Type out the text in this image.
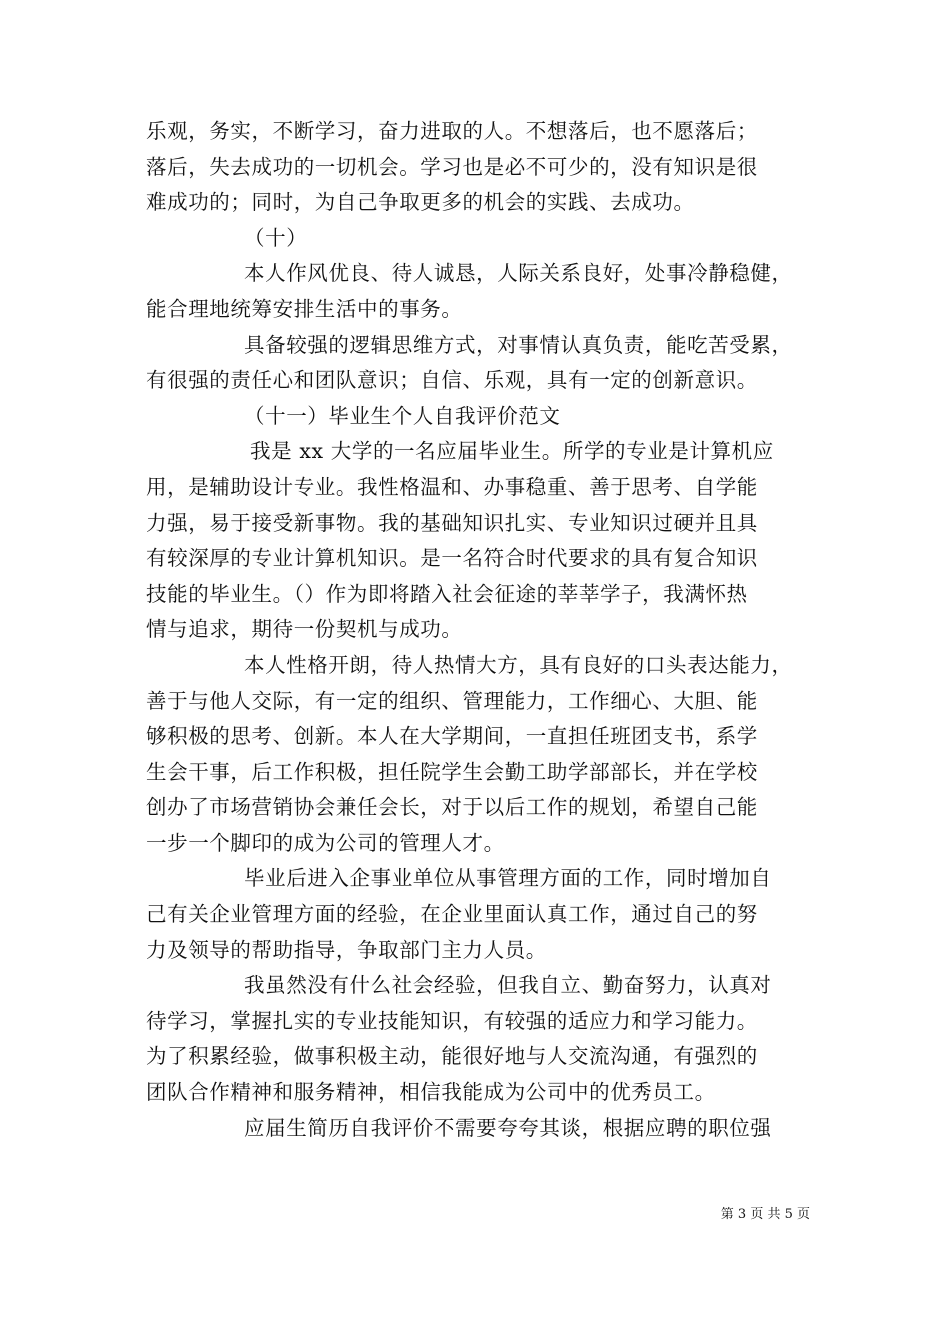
乐观，务实，不断学习，奋力进取的人。不想落后，也不愿落后；
落后，失去成功的一切机会。学习也是必不可少的，没有知识是很
难成功的；同时，为自己争取更多的机会的实践、去成功。
（十）
本人作风优良、待人诚恳，人际关系良好，处事冷静稳健，
能合理地统筹安排生活中的事务。
具备较强的逻辑思维方式，对事情认真负责，能吃苦受累，
有很强的责任心和团队意识；自信、乐观，具有一定的创新意识。
（十一）毕业生个人自我评价范文
我是 xx 大学的一名应届毕业生。所学的专业是计算机应
用，是辅助设计专业。我性格温和、办事稳重、善于思考、自学能
力强，易于接受新事物。我的基础知识扎实、专业知识过硬并且具
有较深厚的专业计算机知识。是一名符合时代要求的具有复合知识
技能的毕业生。（）作为即将踏入社会征途的莘莘学子，我满怀热
情与追求，期待一份契机与成功。
本人性格开朗，待人热情大方，具有良好的口头表达能力，
善于与他人交际，有一定的组织、管理能力，工作细心、大胆、能
够积极的思考、创新。本人在大学期间，一直担任班团支书，系学
生会干事，后工作积极，担任院学生会勤工助学部部长，并在学校
创办了市场营销协会兼任会长，对于以后工作的规划，希望自己能
一步一个脚印的成为公司的管理人才。
毕业后进入企事业单位从事管理方面的工作，同时增加自
己有关企业管理方面的经验，在企业里面认真工作，通过自己的努
力及领导的帮助指导，争取部门主力人员。
我虽然没有什么社会经验，但我自立、勤奋努力，认真对
待学习，掌握扎实的专业技能知识，有较强的适应力和学习能力。
为了积累经验，做事积极主动，能很好地与人交流沟通，有强烈的
团队合作精神和服务精神，相信我能成为公司中的优秀员工。
应届生简历自我评价不需要夸夸其谈，根据应聘的职位强
第 3 页 共 5 页
